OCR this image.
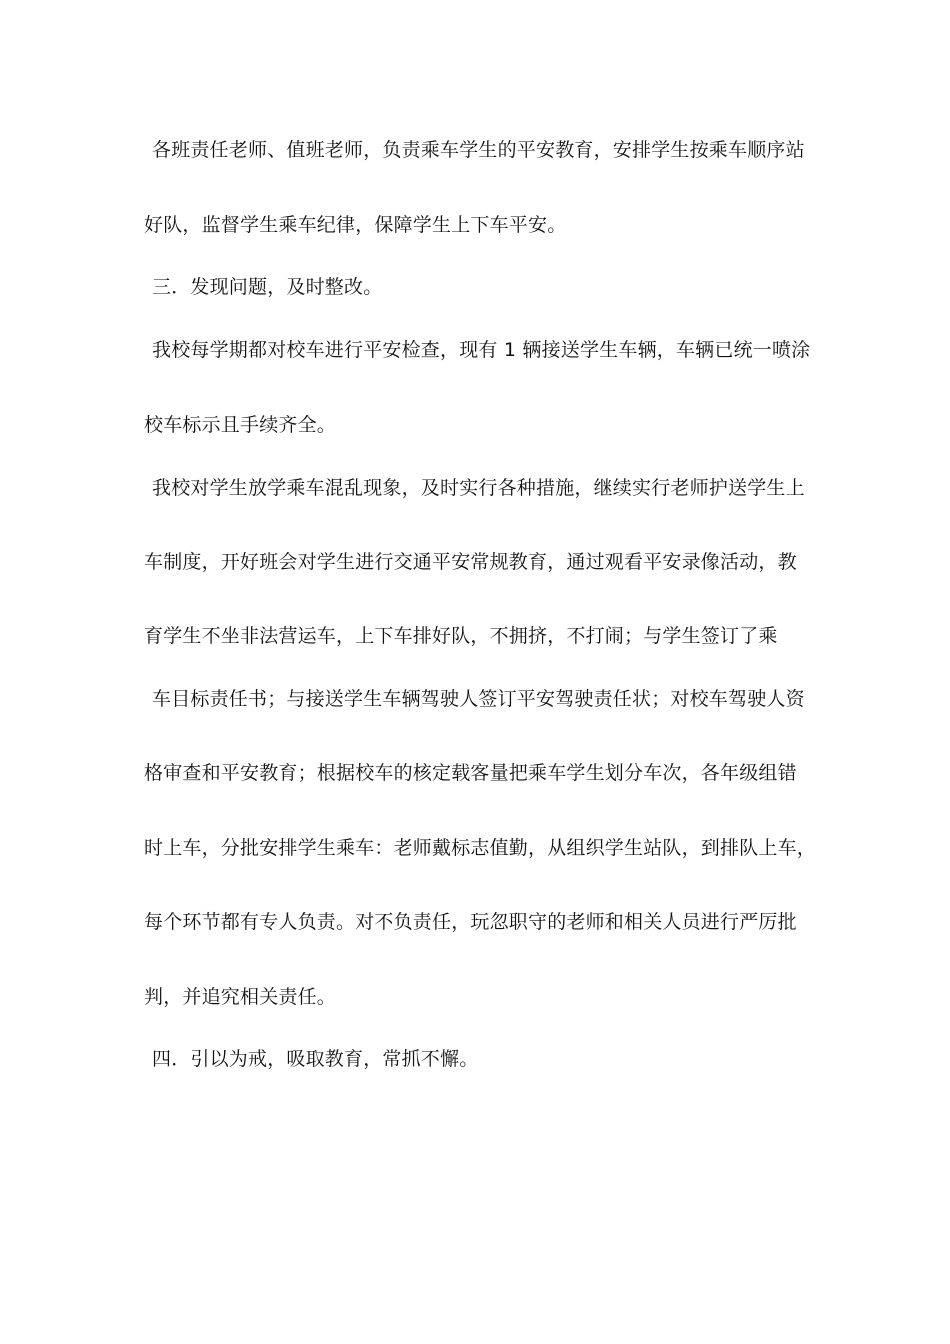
各班责任老师、值班老师，负责乘车学生的平安教育，安排学生按乘车顺序站
好队，监督学生乘车纪律，保障学生上下车平安。
三．发现问题，及时整改。
我校每学期都对校车进行平安检查，现有 1 辆接送学生车辆，车辆已统一喷涂
校车标示且手续齐全。
我校对学生放学乘车混乱现象，及时实行各种措施，继续实行老师护送学生上
车制度，开好班会对学生进行交通平安常规教育，通过观看平安录像活动，教
育学生不坐非法营运车，上下车排好队，不拥挤，不打闹；与学生签订了乘
车目标责任书；与接送学生车辆驾驶人签订平安驾驶责任状；对校车驾驶人资
格审查和平安教育；根据校车的核定载客量把乘车学生划分车次，各年级组错
时上车，分批安排学生乘车：老师戴标志值勤，从组织学生站队，到排队上车，
每个环节都有专人负责。对不负责任，玩忽职守的老师和相关人员进行严厉批
判，并追究相关责任。
四．引以为戒，吸取教育，常抓不懈。
